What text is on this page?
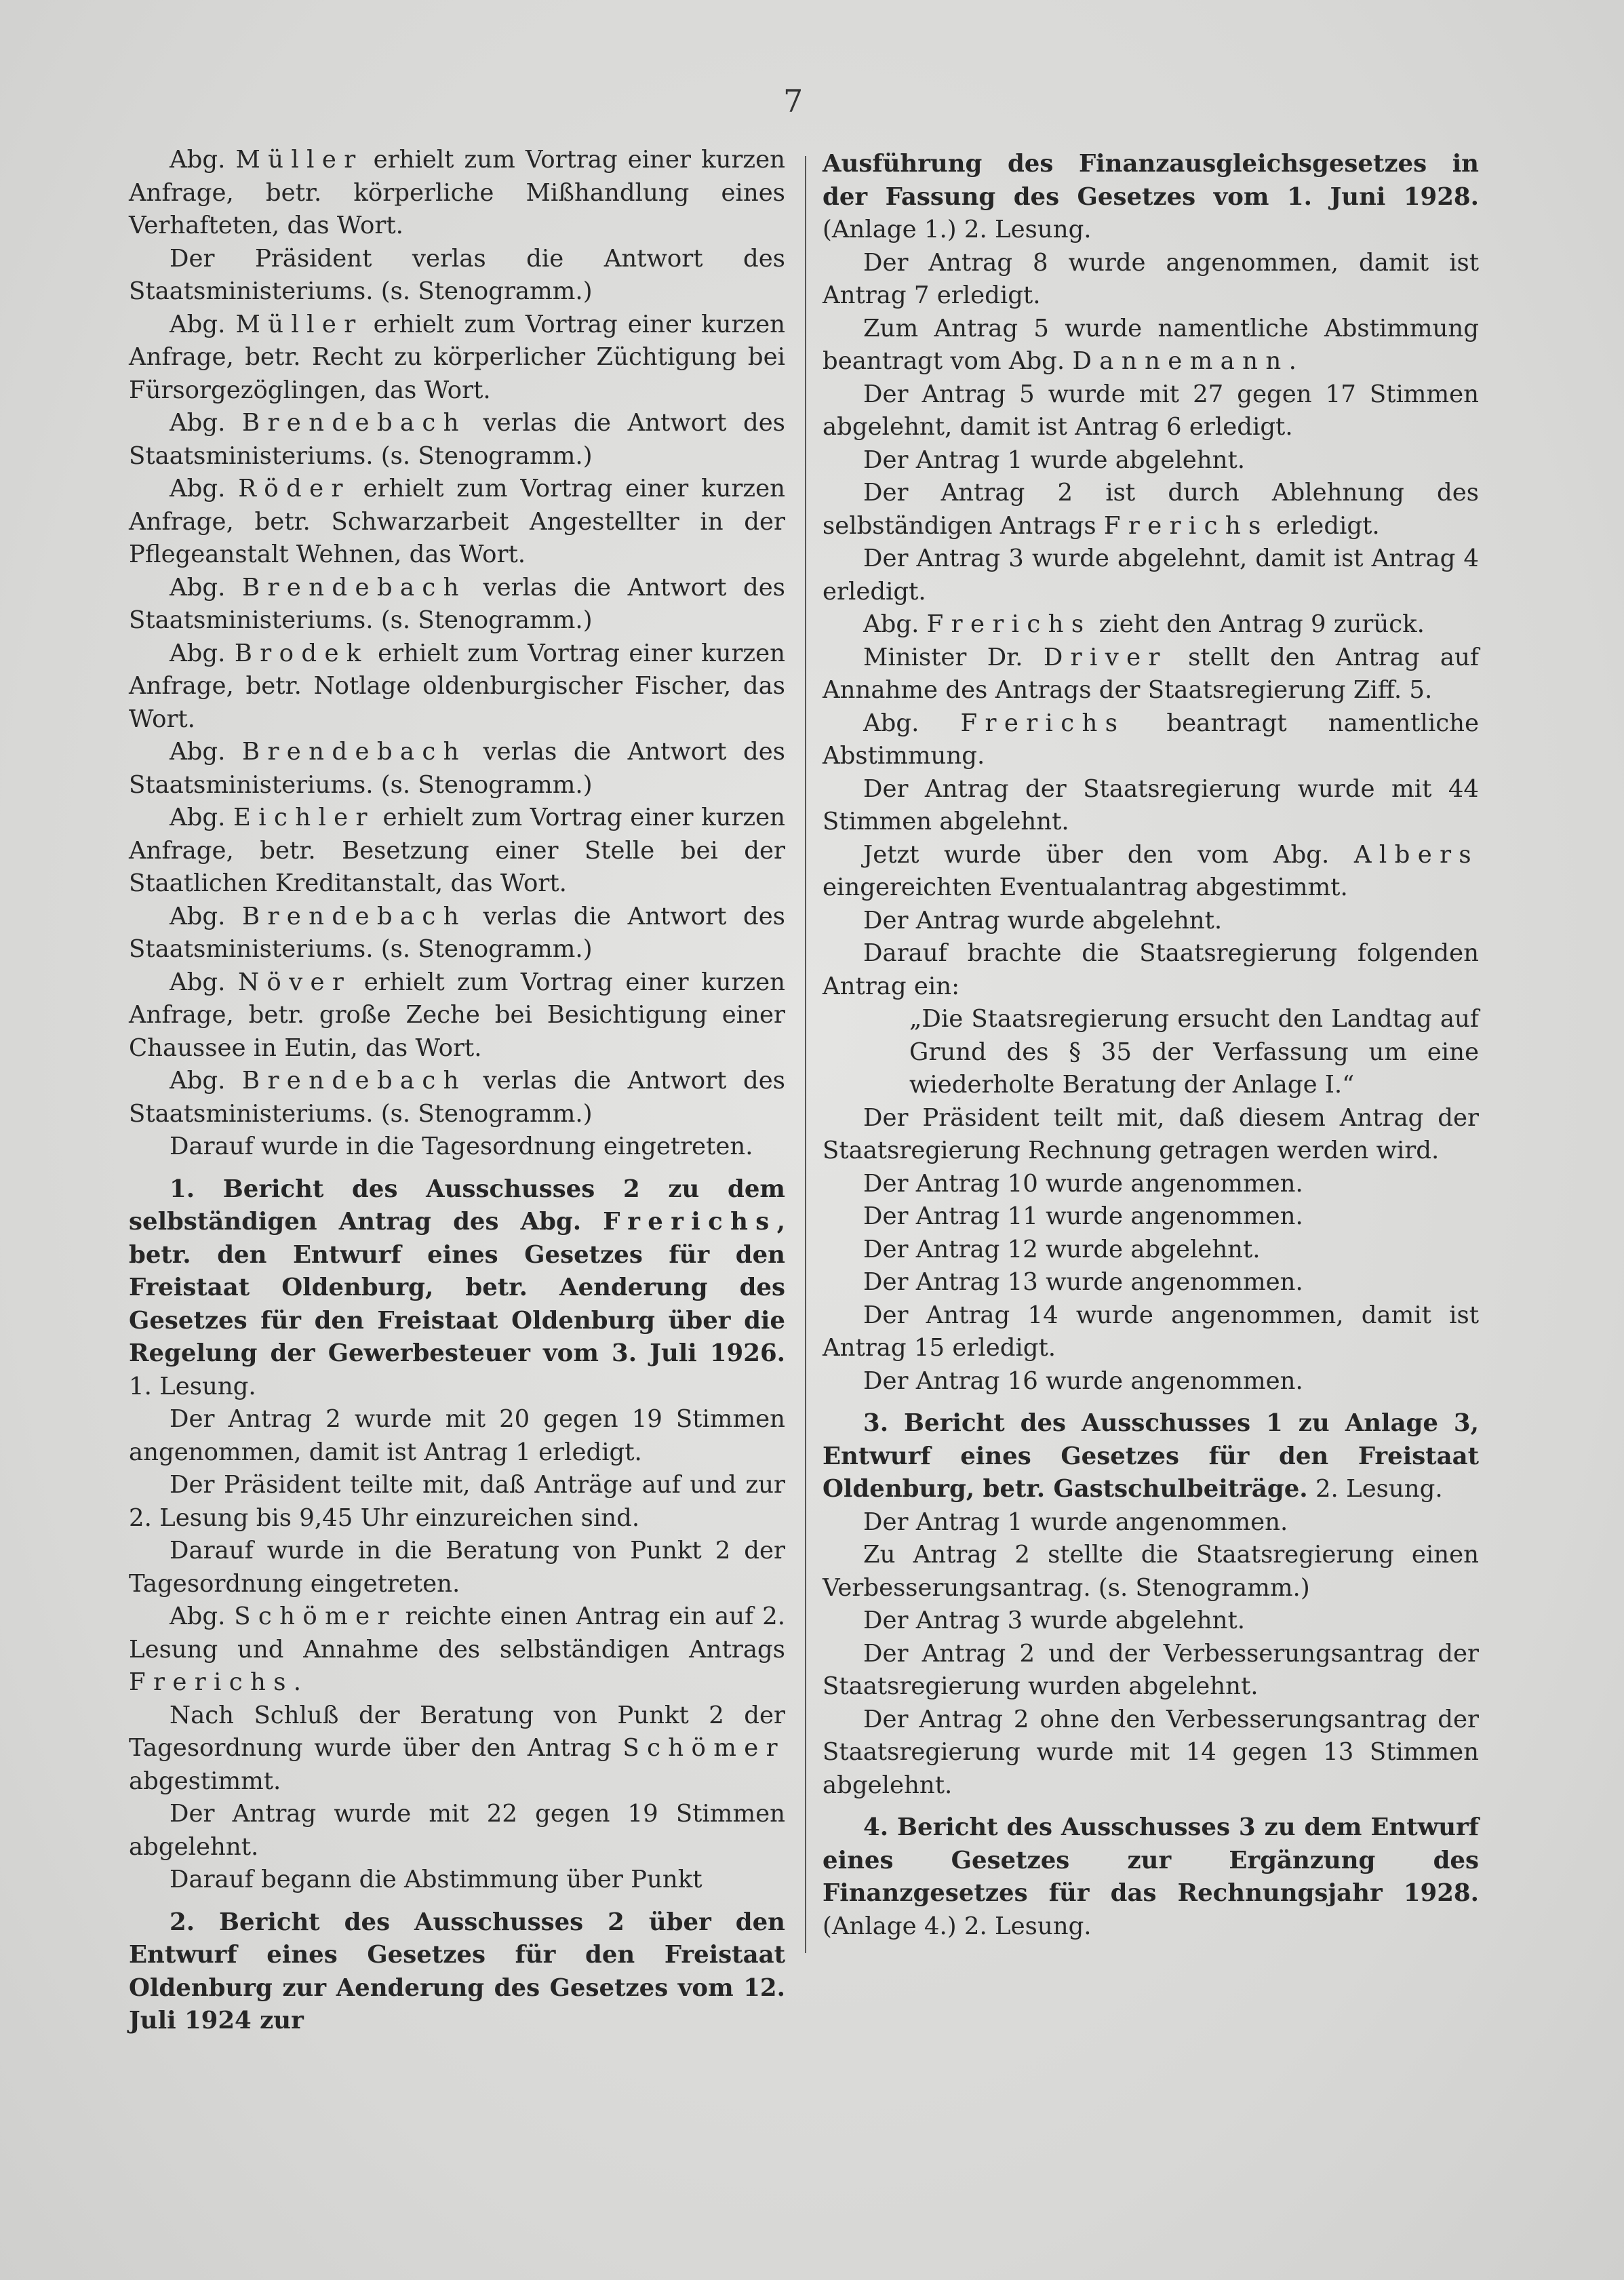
7

Abg. Müller erhielt zum Vortrag einer kurzen Anfrage, betr. körperliche Mißhandlung eines Verhafteten, das Wort.

Der Präsident verlas die Antwort des Staatsministeriums. (s. Stenogramm.)

Abg. Müller erhielt zum Vortrag einer kurzen Anfrage, betr. Recht zu körperlicher Züchtigung bei Fürsorgezöglingen, das Wort.

Abg. Brendebach verlas die Antwort des Staatsministeriums. (s. Stenogramm.)

Abg. Röder erhielt zum Vortrag einer kurzen Anfrage, betr. Schwarzarbeit Angestellter in der Pflegeanstalt Wehnen, das Wort.

Abg. Brendebach verlas die Antwort des Staatsministeriums. (s. Stenogramm.)

Abg. Brodek erhielt zum Vortrag einer kurzen Anfrage, betr. Notlage oldenburgischer Fischer, das Wort.

Abg. Brendebach verlas die Antwort des Staatsministeriums. (s. Stenogramm.)

Abg. Eichler erhielt zum Vortrag einer kurzen Anfrage, betr. Besetzung einer Stelle bei der Staatlichen Kreditanstalt, das Wort.

Abg. Brendebach verlas die Antwort des Staatsministeriums. (s. Stenogramm.)

Abg. Növer erhielt zum Vortrag einer kurzen Anfrage, betr. große Zeche bei Besichtigung einer Chaussee in Eutin, das Wort.

Abg. Brendebach verlas die Antwort des Staatsministeriums. (s. Stenogramm.)

Darauf wurde in die Tagesordnung eingetreten.

1. Bericht des Ausschusses 2 zu dem selbständigen Antrag des Abg. Frerichs, betr. den Entwurf eines Gesetzes für den Freistaat Oldenburg, betr. Aenderung des Gesetzes für den Freistaat Oldenburg über die Regelung der Gewerbesteuer vom 3. Juli 1926. 1. Lesung.

Der Antrag 2 wurde mit 20 gegen 19 Stimmen angenommen, damit ist Antrag 1 erledigt.

Der Präsident teilte mit, daß Anträge auf und zur 2. Lesung bis 9,45 Uhr einzureichen sind.

Darauf wurde in die Beratung von Punkt 2 der Tagesordnung eingetreten.

Abg. Schömer reichte einen Antrag ein auf 2. Lesung und Annahme des selbständigen Antrags Frerichs.

Nach Schluß der Beratung von Punkt 2 der Tagesordnung wurde über den Antrag Schömer abgestimmt.

Der Antrag wurde mit 22 gegen 19 Stimmen abgelehnt.

Darauf begann die Abstimmung über Punkt

2. Bericht des Ausschusses 2 über den Entwurf eines Gesetzes für den Freistaat Oldenburg zur Aenderung des Gesetzes vom 12. Juli 1924 zur

Ausführung des Finanzausgleichsgesetzes in der Fassung des Gesetzes vom 1. Juni 1928. (Anlage 1.) 2. Lesung.

Der Antrag 8 wurde angenommen, damit ist Antrag 7 erledigt.

Zum Antrag 5 wurde namentliche Abstimmung beantragt vom Abg. Dannemann.

Der Antrag 5 wurde mit 27 gegen 17 Stimmen abgelehnt, damit ist Antrag 6 erledigt.

Der Antrag 1 wurde abgelehnt.

Der Antrag 2 ist durch Ablehnung des selbständigen Antrags Frerichs erledigt.

Der Antrag 3 wurde abgelehnt, damit ist Antrag 4 erledigt.

Abg. Frerichs zieht den Antrag 9 zurück.

Minister Dr. Driver stellt den Antrag auf Annahme des Antrags der Staatsregierung Ziff. 5.

Abg. Frerichs beantragt namentliche Abstimmung.

Der Antrag der Staatsregierung wurde mit 44 Stimmen abgelehnt.

Jetzt wurde über den vom Abg. Albers eingereichten Eventualantrag abgestimmt.

Der Antrag wurde abgelehnt.

Darauf brachte die Staatsregierung folgenden Antrag ein:

„Die Staatsregierung ersucht den Landtag auf Grund des § 35 der Verfassung um eine wiederholte Beratung der Anlage I.“

Der Präsident teilt mit, daß diesem Antrag der Staatsregierung Rechnung getragen werden wird.

Der Antrag 10 wurde angenommen.

Der Antrag 11 wurde angenommen.

Der Antrag 12 wurde abgelehnt.

Der Antrag 13 wurde angenommen.

Der Antrag 14 wurde angenommen, damit ist Antrag 15 erledigt.

Der Antrag 16 wurde angenommen.

3. Bericht des Ausschusses 1 zu Anlage 3, Entwurf eines Gesetzes für den Freistaat Oldenburg, betr. Gastschulbeiträge. 2. Lesung.

Der Antrag 1 wurde angenommen.

Zu Antrag 2 stellte die Staatsregierung einen Verbesserungsantrag. (s. Stenogramm.)

Der Antrag 3 wurde abgelehnt.

Der Antrag 2 und der Verbesserungsantrag der Staatsregierung wurden abgelehnt.

Der Antrag 2 ohne den Verbesserungsantrag der Staatsregierung wurde mit 14 gegen 13 Stimmen abgelehnt.

4. Bericht des Ausschusses 3 zu dem Entwurf eines Gesetzes zur Ergänzung des Finanzgesetzes für das Rechnungsjahr 1928. (Anlage 4.) 2. Lesung.
